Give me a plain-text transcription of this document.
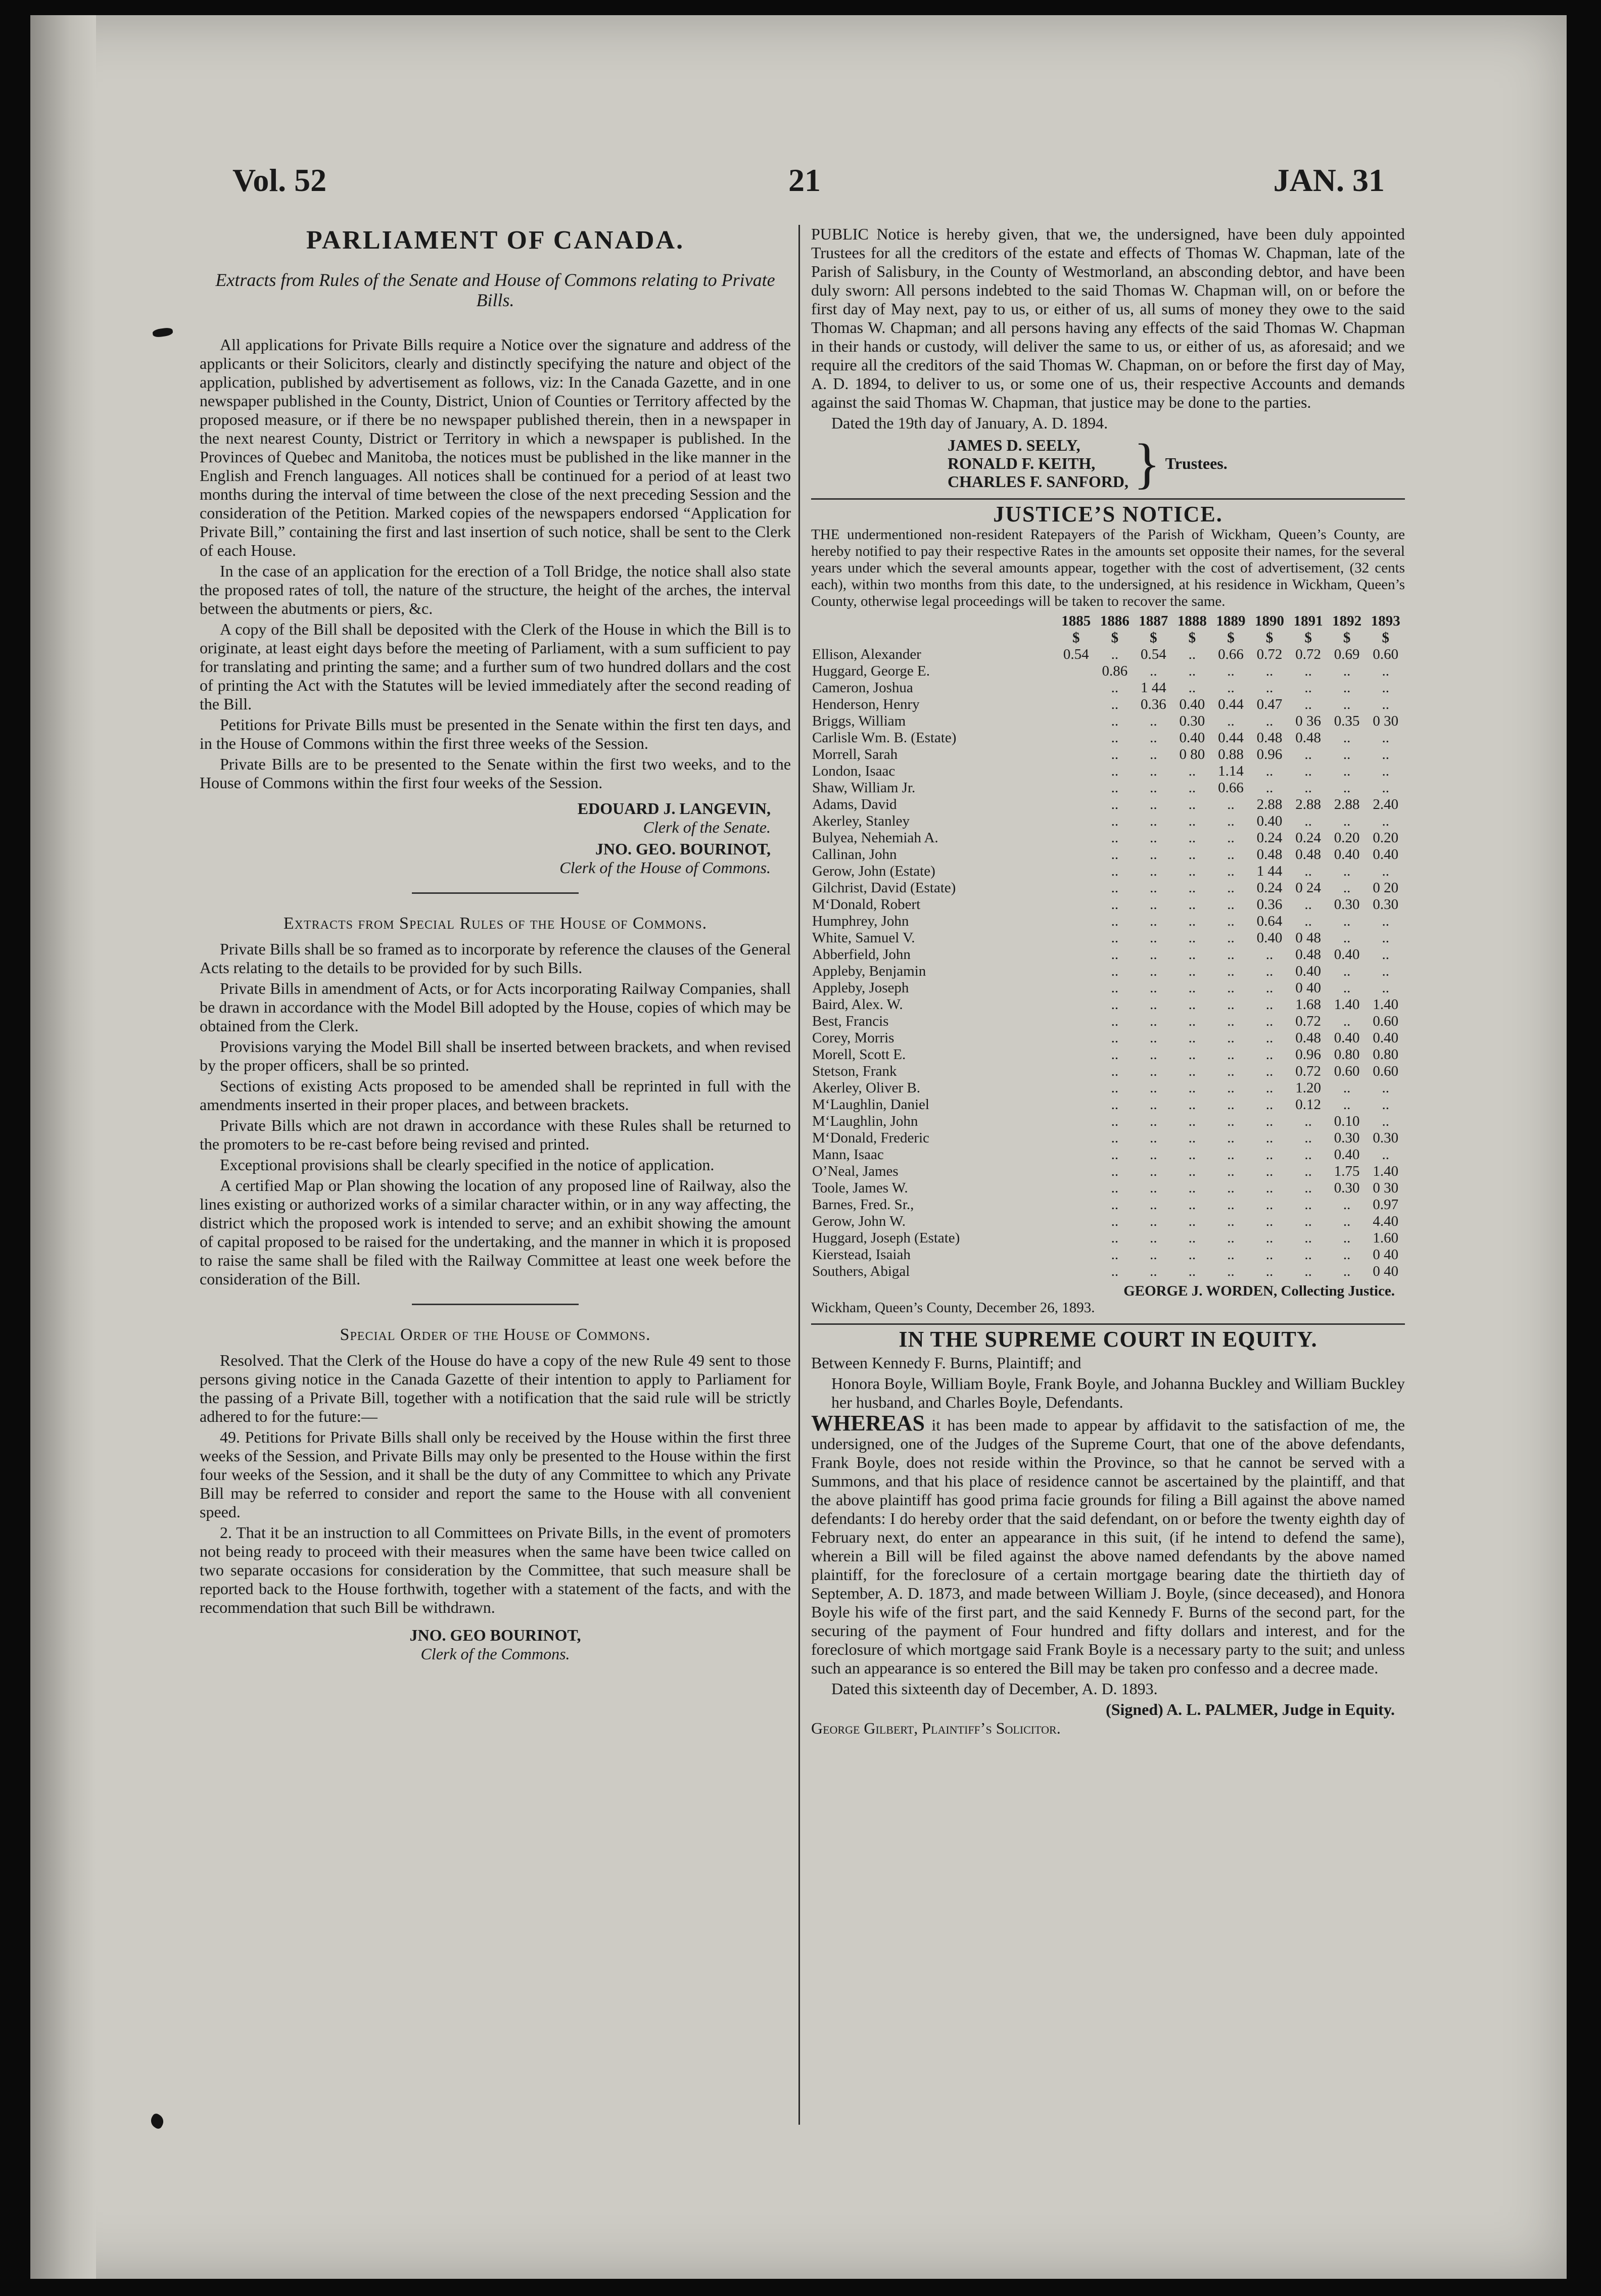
Vol. 52	21	JAN. 31
PARLIAMENT OF CANADA.
Extracts from Rules of the Senate and House of Commons relating to Private Bills.

All applications for Private Bills require a Notice over the signature and address of the applicants or their Solicitors, clearly and distinctly specifying the nature and object of the application, published by advertisement as follows, viz: In the Canada Gazette, and in one newspaper published in the County, District, Union of Counties or Territory affected by the proposed measure, or if there be no newspaper published therein, then in a newspaper in the next nearest County, District or Territory in which a newspaper is published. In the Provinces of Quebec and Manitoba, the notices must be published in the like manner in the English and French languages. All notices shall be continued for a period of at least two months during the interval of time between the close of the next preceding Session and the consideration of the Petition. Marked copies of the newspapers endorsed “Application for Private Bill,” containing the first and last insertion of such notice, shall be sent to the Clerk of each House.

In the case of an application for the erection of a Toll Bridge, the notice shall also state the proposed rates of toll, the nature of the structure, the height of the arches, the interval between the abutments or piers, &c.

A copy of the Bill shall be deposited with the Clerk of the House in which the Bill is to originate, at least eight days before the meeting of Parliament, with a sum sufficient to pay for translating and printing the same; and a further sum of two hundred dollars and the cost of printing the Act with the Statutes will be levied immediately after the second reading of the Bill.

Petitions for Private Bills must be presented in the Senate within the first ten days, and in the House of Commons within the first three weeks of the Session.

Private Bills are to be presented to the Senate within the first two weeks, and to the House of Commons within the first four weeks of the Session.

EDOUARD J. LANGEVIN,

Clerk of the Senate.

JNO. GEO. BOURINOT,

Clerk of the House of Commons.

Extracts from Special Rules of the House of Commons.

Private Bills shall be so framed as to incorporate by reference the clauses of the General Acts relating to the details to be provided for by such Bills.

Private Bills in amendment of Acts, or for Acts incorporating Railway Companies, shall be drawn in accordance with the Model Bill adopted by the House, copies of which may be obtained from the Clerk.

Provisions varying the Model Bill shall be inserted between brackets, and when revised by the proper officers, shall be so printed.

Sections of existing Acts proposed to be amended shall be reprinted in full with the amendments inserted in their proper places, and between brackets.

Private Bills which are not drawn in accordance with these Rules shall be returned to the promoters to be re-cast before being revised and printed.

Exceptional provisions shall be clearly specified in the notice of application.

A certified Map or Plan showing the location of any proposed line of Railway, also the lines existing or authorized works of a similar character within, or in any way affecting, the district which the proposed work is intended to serve; and an exhibit showing the amount of capital proposed to be raised for the undertaking, and the manner in which it is proposed to raise the same shall be filed with the Railway Committee at least one week before the consideration of the Bill.

Special Order of the House of Commons.

Resolved. That the Clerk of the House do have a copy of the new Rule 49 sent to those persons giving notice in the Canada Gazette of their intention to apply to Parliament for the passing of a Private Bill, together with a notification that the said rule will be strictly adhered to for the future:—

49. Petitions for Private Bills shall only be received by the House within the first three weeks of the Session, and Private Bills may only be presented to the House within the first four weeks of the Session, and it shall be the duty of any Committee to which any Private Bill may be referred to consider and report the same to the House with all convenient speed.

2. That it be an instruction to all Committees on Private Bills, in the event of promoters not being ready to proceed with their measures when the same have been twice called on two separate occasions for consideration by the Committee, that such measure shall be reported back to the House forthwith, together with a statement of the facts, and with the recommendation that such Bill be withdrawn.

JNO. GEO BOURINOT,

Clerk of the Commons.

PUBLIC Notice is hereby given, that we, the undersigned, have been duly appointed Trustees for all the creditors of the estate and effects of Thomas W. Chapman, late of the Parish of Salisbury, in the County of Westmorland, an absconding debtor, and have been duly sworn: All persons indebted to the said Thomas W. Chapman will, on or before the first day of May next, pay to us, or either of us, all sums of money they owe to the said Thomas W. Chapman; and all persons having any effects of the said Thomas W. Chapman in their hands or custody, will deliver the same to us, or either of us, as aforesaid; and we require all the creditors of the said Thomas W. Chapman, on or before the first day of May, A. D. 1894, to deliver to us, or some one of us, their respective Accounts and demands against the said Thomas W. Chapman, that justice may be done to the parties.

Dated the 19th day of January, A. D. 1894.

JAMES D. SEELY,
RONALD F. KEITH,
CHARLES F. SANFORD, } Trustees.
JUSTICE’S NOTICE.

THE undermentioned non-resident Ratepayers of the Parish of Wickham, Queen’s County, are hereby notified to pay their respective Rates in the amounts set opposite their names, for the several years under which the several amounts appear, together with the cost of advertisement, (32 cents each), within two months from this date, to the undersigned, at his residence in Wickham, Queen’s County, otherwise legal proceedings will be taken to recover the same.

	1885	1886	1887	1888	1889	1890	1891	1892	1893
	$	$	$	$	$	$	$	$	$
Ellison, Alexander	0.54	..	0.54	..	0.66	0.72	0.72	0.69	0.60
Huggard, George E.		0.86	..	..	..	..	..	..	..
Cameron, Joshua		..	1 44	..	..	..	..	..	..
Henderson, Henry		..	0.36	0.40	0.44	0.47	..	..	..
Briggs, William		..	..	0.30	..	..	0 36	0.35	0 30
Carlisle Wm. B. (Estate)		..	..	0.40	0.44	0.48	0.48	..	..
Morrell, Sarah		..	..	0 80	0.88	0.96	..	..	..
London, Isaac		..	..	..	1.14	..	..	..	..
Shaw, William Jr.		..	..	..	0.66	..	..	..	..
Adams, David		..	..	..	..	2.88	2.88	2.88	2.40
Akerley, Stanley		..	..	..	..	0.40	..	..	..
Bulyea, Nehemiah A.		..	..	..	..	0.24	0.24	0.20	0.20
Callinan, John		..	..	..	..	0.48	0.48	0.40	0.40
Gerow, John (Estate)		..	..	..	..	1 44	..	..	..
Gilchrist, David (Estate)		..	..	..	..	0.24	0 24	..	0 20
M‘Donald, Robert		..	..	..	..	0.36	..	0.30	0.30
Humphrey, John		..	..	..	..	0.64	..	..	..
White, Samuel V.		..	..	..	..	0.40	0 48	..	..
Abberfield, John		..	..	..	..	..	0.48	0.40	..
Appleby, Benjamin		..	..	..	..	..	0.40	..	..
Appleby, Joseph		..	..	..	..	..	0 40	..	..
Baird, Alex. W.		..	..	..	..	..	1.68	1.40	1.40
Best, Francis		..	..	..	..	..	0.72	..	0.60
Corey, Morris		..	..	..	..	..	0.48	0.40	0.40
Morell, Scott E.		..	..	..	..	..	0.96	0.80	0.80
Stetson, Frank		..	..	..	..	..	0.72	0.60	0.60
Akerley, Oliver B.		..	..	..	..	..	1.20	..	..
M‘Laughlin, Daniel		..	..	..	..	..	0.12	..	..
M‘Laughlin, John		..	..	..	..	..	..	0.10	..
M‘Donald, Frederic		..	..	..	..	..	..	0.30	0.30
Mann, Isaac		..	..	..	..	..	..	0.40	..
O’Neal, James		..	..	..	..	..	..	1.75	1.40
Toole, James W.		..	..	..	..	..	..	0.30	0 30
Barnes, Fred. Sr.,		..	..	..	..	..	..	..	0.97
Gerow, John W.		..	..	..	..	..	..	..	4.40
Huggard, Joseph (Estate)		..	..	..	..	..	..	..	1.60
Kierstead, Isaiah		..	..	..	..	..	..	..	0 40
Southers, Abigal		..	..	..	..	..	..	..	0 40

GEORGE J. WORDEN, Collecting Justice.

Wickham, Queen’s County, December 26, 1893.

IN THE SUPREME COURT IN EQUITY.

Between Kennedy F. Burns, Plaintiff; and

Honora Boyle, William Boyle, Frank Boyle, and Johanna Buckley and William Buckley her husband, and Charles Boyle, Defendants.

WHEREAS it has been made to appear by affidavit to the satisfaction of me, the undersigned, one of the Judges of the Supreme Court, that one of the above defendants, Frank Boyle, does not reside within the Province, so that he cannot be served with a Summons, and that his place of residence cannot be ascertained by the plaintiff, and that the above plaintiff has good prima facie grounds for filing a Bill against the above named defendants: I do hereby order that the said defendant, on or before the twenty eighth day of February next, do enter an appearance in this suit, (if he intend to defend the same), wherein a Bill will be filed against the above named defendants by the above named plaintiff, for the foreclosure of a certain mortgage bearing date the thirtieth day of September, A. D. 1873, and made between William J. Boyle, (since deceased), and Honora Boyle his wife of the first part, and the said Kennedy F. Burns of the second part, for the securing of the payment of Four hundred and fifty dollars and interest, and for the foreclosure of which mortgage said Frank Boyle is a necessary party to the suit; and unless such an appearance is so entered the Bill may be taken pro confesso and a decree made.

Dated this sixteenth day of December, A. D. 1893.

(Signed) A. L. PALMER, Judge in Equity.

George Gilbert, Plaintiff’s Solicitor.
